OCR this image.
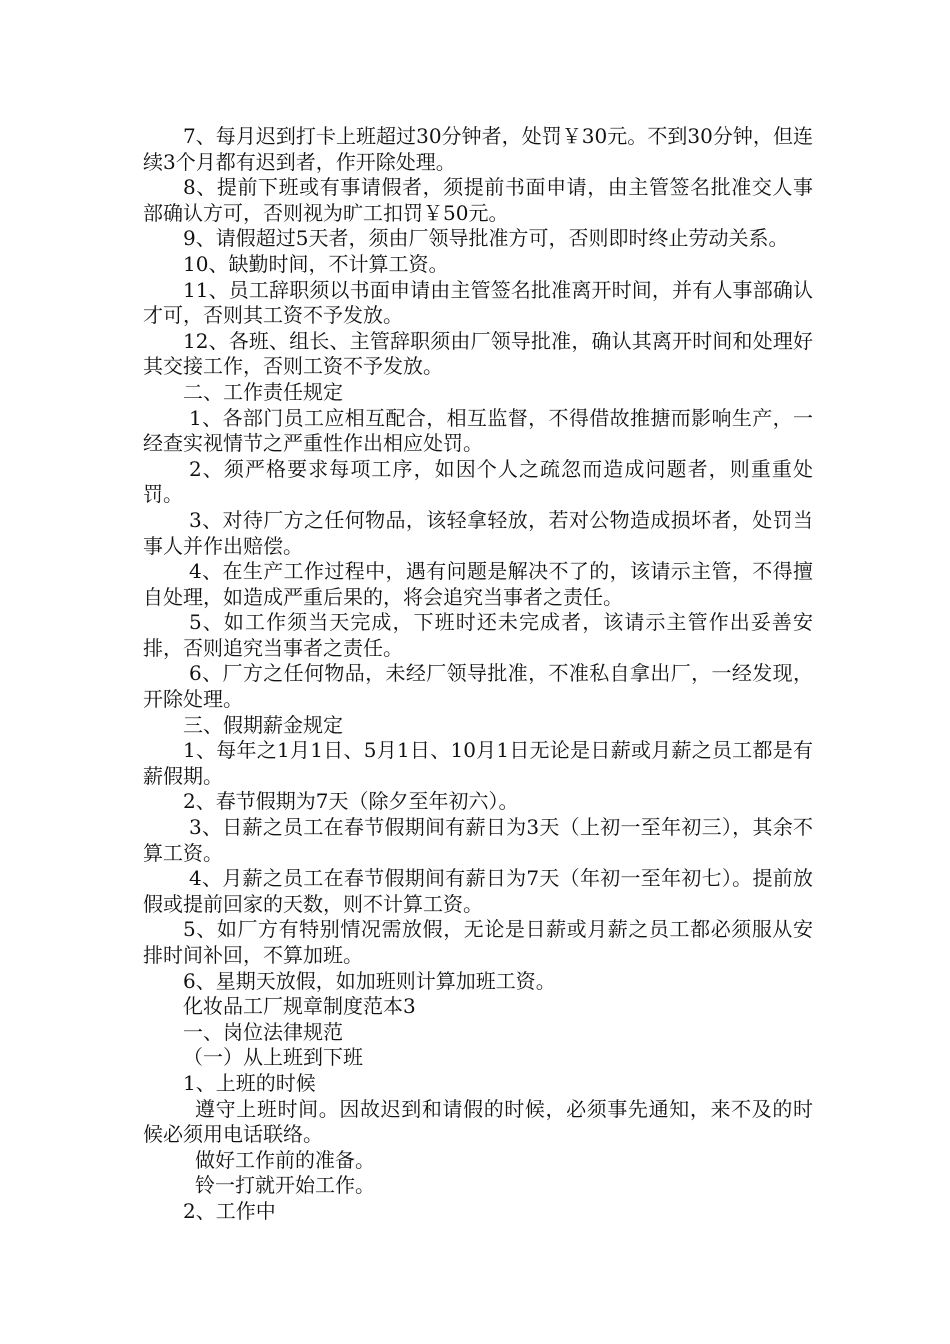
7、每月迟到打卡上班超过30分钟者，处罚￥30元。不到30分钟，但连续3个月都有迟到者，作开除处理。

8、提前下班或有事请假者，须提前书面申请，由主管签名批准交人事部确认方可，否则视为旷工扣罚￥50元。

9、请假超过5天者，须由厂领导批准方可，否则即时终止劳动关系。

10、缺勤时间，不计算工资。

11、员工辞职须以书面申请由主管签名批准离开时间，并有人事部确认才可，否则其工资不予发放。

12、各班、组长、主管辞职须由厂领导批准，确认其离开时间和处理好其交接工作，否则工资不予发放。

二、工作责任规定

1、各部门员工应相互配合，相互监督，不得借故推搪而影响生产，一经查实视情节之严重性作出相应处罚。

2、须严格要求每项工序，如因个人之疏忽而造成问题者，则重重处罚。

3、对待厂方之任何物品，该轻拿轻放，若对公物造成损坏者，处罚当事人并作出赔偿。

4、在生产工作过程中，遇有问题是解决不了的，该请示主管，不得擅自处理，如造成严重后果的，将会追究当事者之责任。

5、如工作须当天完成，下班时还未完成者，该请示主管作出妥善安排，否则追究当事者之责任。

6、厂方之任何物品，未经厂领导批准，不准私自拿出厂，一经发现，开除处理。

三、假期薪金规定

1、每年之1月1日、5月1日、10月1日无论是日薪或月薪之员工都是有薪假期。

2、春节假期为7天（除夕至年初六）。

3、日薪之员工在春节假期间有薪日为3天（上初一至年初三），其余不算工资。

4、月薪之员工在春节假期间有薪日为7天（年初一至年初七）。提前放假或提前回家的天数，则不计算工资。

5、如厂方有特别情况需放假，无论是日薪或月薪之员工都必须服从安排时间补回，不算加班。

6、星期天放假，如加班则计算加班工资。

化妆品工厂规章制度范本3

一、岗位法律规范

（一）从上班到下班

1、上班的时候

遵守上班时间。因故迟到和请假的时候，必须事先通知，来不及的时候必须用电话联络。

做好工作前的准备。

铃一打就开始工作。

2、工作中
